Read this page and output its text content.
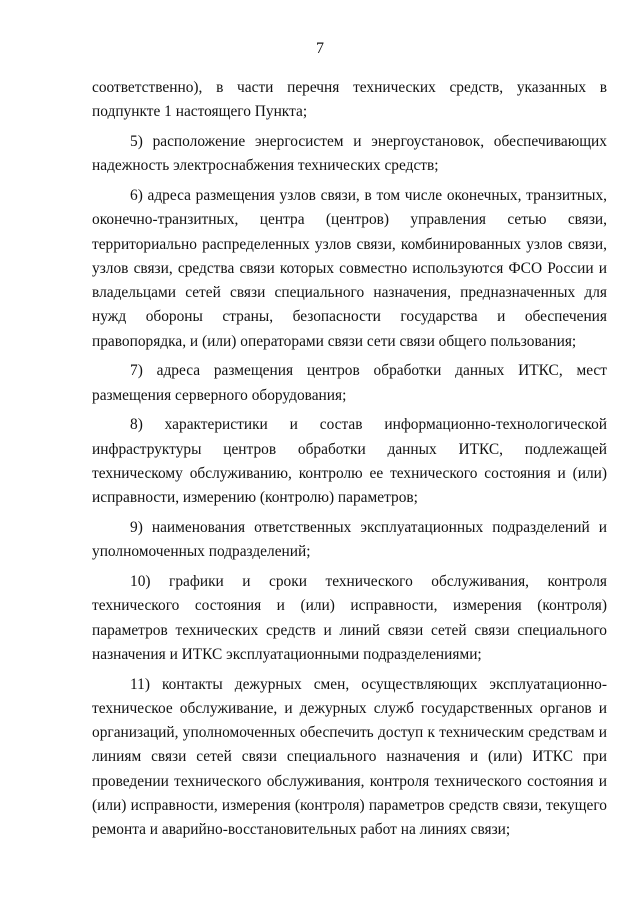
7

соответственно), в части перечня технических средств, указанных в подпункте 1 настоящего Пункта;

5) расположение энергосистем и энергоустановок, обеспечивающих надежность электроснабжения технических средств;

6) адреса размещения узлов связи, в том числе оконечных, транзитных, оконечно-транзитных, центра (центров) управления сетью связи, территориально распределенных узлов связи, комбинированных узлов связи, узлов связи, средства связи которых совместно используются ФСО России и владельцами сетей связи специального назначения, предназначенных для нужд обороны страны, безопасности государства и обеспечения правопорядка, и (или) операторами связи сети связи общего пользования;

7) адреса размещения центров обработки данных ИТКС, мест размещения серверного оборудования;

8) характеристики и состав информационно-технологической инфраструктуры центров обработки данных ИТКС, подлежащей техническому обслуживанию, контролю ее технического состояния и (или) исправности, измерению (контролю) параметров;

9) наименования ответственных эксплуатационных подразделений и уполномоченных подразделений;

10) графики и сроки технического обслуживания, контроля технического состояния и (или) исправности, измерения (контроля) параметров технических средств и линий связи сетей связи специального назначения и ИТКС эксплуатационными подразделениями;

11) контакты дежурных смен, осуществляющих эксплуатационно-техническое обслуживание, и дежурных служб государственных органов и организаций, уполномоченных обеспечить доступ к техническим средствам и линиям связи сетей связи специального назначения и (или) ИТКС при проведении технического обслуживания, контроля технического состояния и (или) исправности, измерения (контроля) параметров средств связи, текущего ремонта и аварийно-восстановительных работ на линиях связи;
